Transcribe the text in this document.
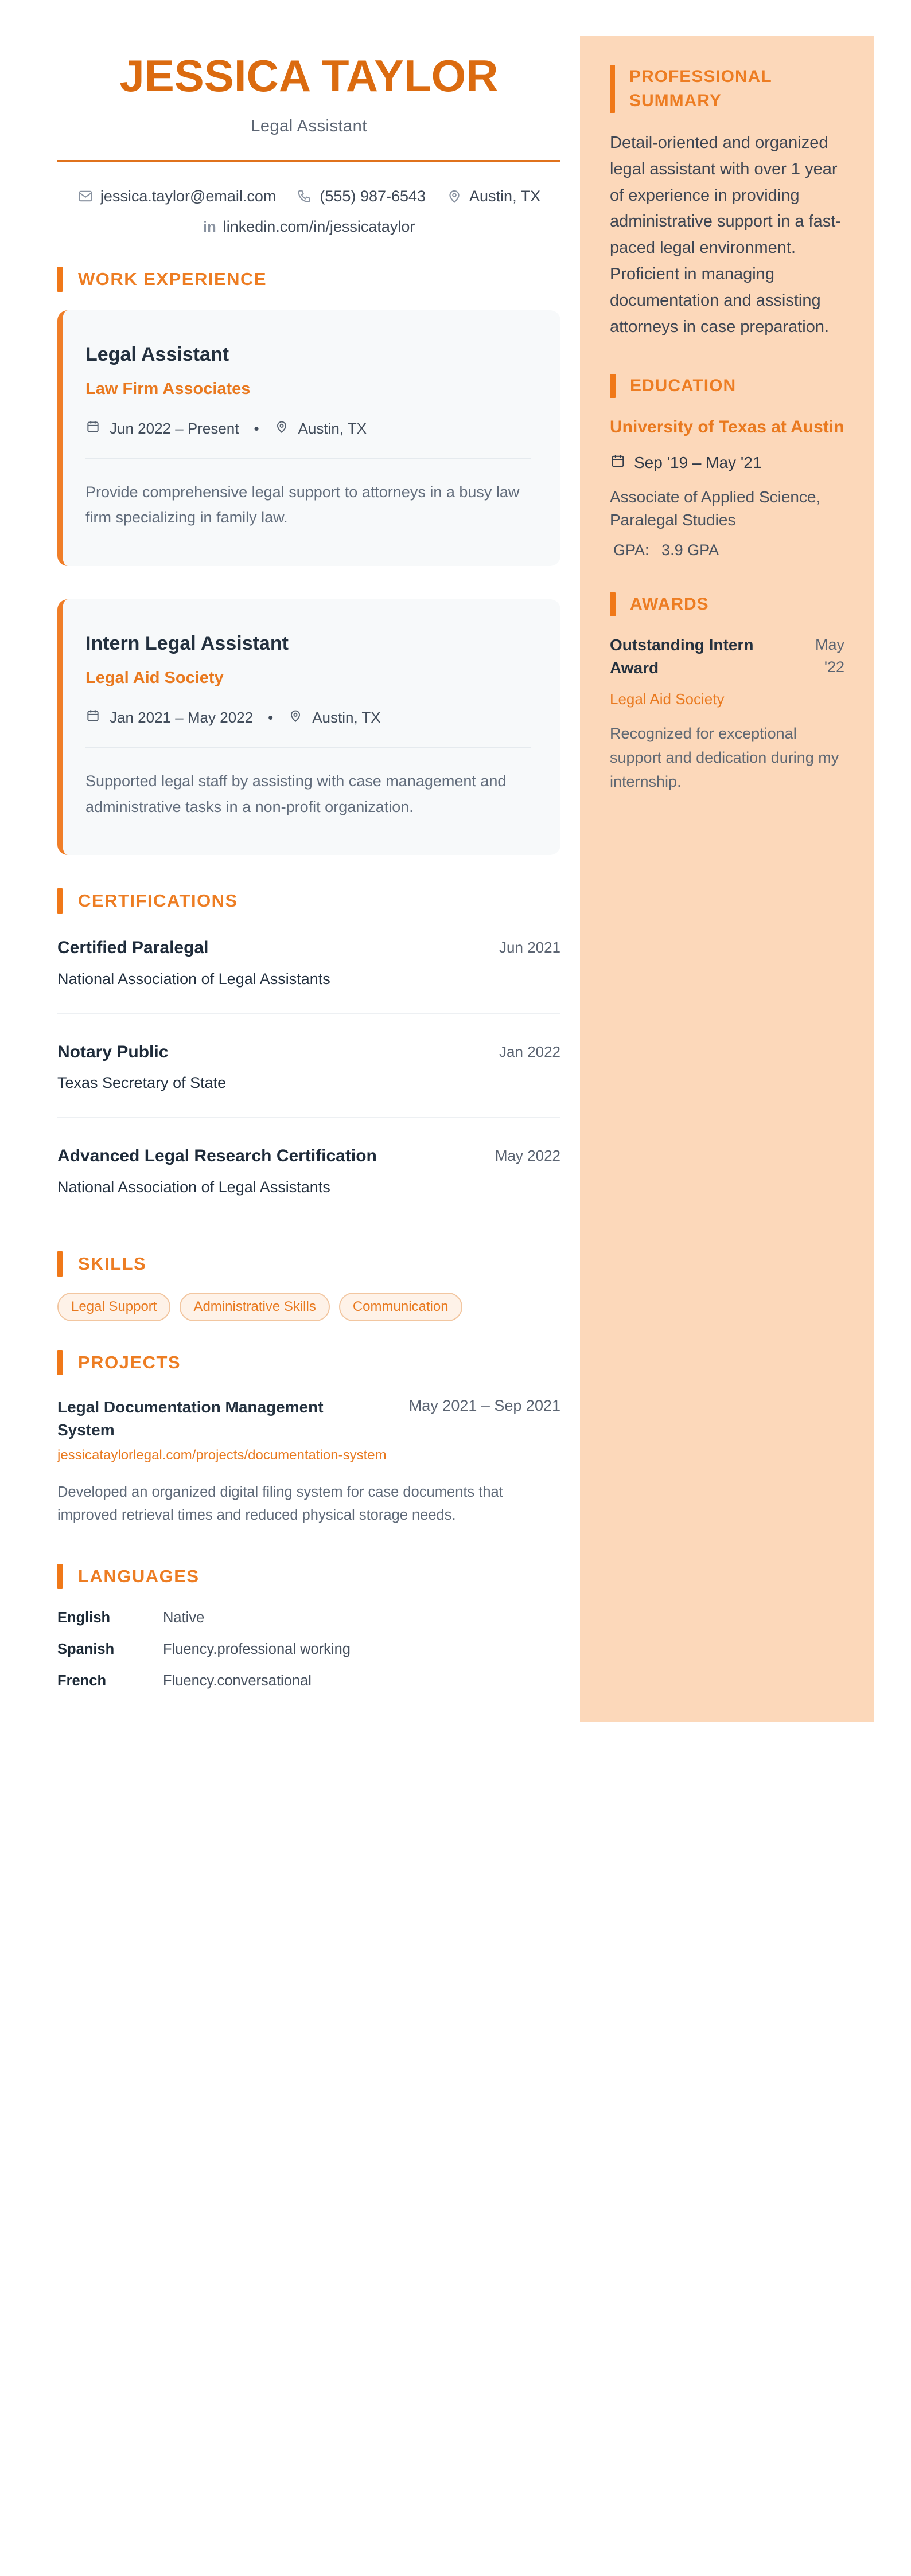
JESSICA TAYLOR
Legal Assistant
jessica.taylor@email.com	(555) 987-6543	Austin, TX
in linkedin.com/in/jessicataylor
WORK EXPERIENCE
Legal Assistant
Law Firm Associates
Jun 2022 – Present •	Austin, TX
Provide comprehensive legal support to attorneys in a busy law firm specializing in family law.
Intern Legal Assistant
Legal Aid Society
Jan 2021 – May 2022 •	Austin, TX
Supported legal staff by assisting with case management and administrative tasks in a non-profit organization.
CERTIFICATIONS
Certified Paralegal
National Association of Legal Assistants
Jun 2021
Notary Public
Texas Secretary of State
Jan 2022
Advanced Legal Research Certification
National Association of Legal Assistants
May 2022
SKILLS
Legal Support	Administrative Skills	Communication
PROJECTS
Legal Documentation Management System
May 2021 – Sep 2021
jessicataylorlegal.com/projects/documentation-system
Developed an organized digital filing system for case documents that improved retrieval times and reduced physical storage needs.
LANGUAGES
English	Native
Spanish	Fluency.professional working
French	Fluency.conversational
PROFESSIONAL SUMMARY
Detail-oriented and organized legal assistant with over 1 year of experience in providing administrative support in a fast-paced legal environment. Proficient in managing documentation and assisting attorneys in case preparation.
EDUCATION
University of Texas at Austin
Sep '19 – May '21
Associate of Applied Science, Paralegal Studies
GPA: 3.9 GPA
AWARDS
Outstanding Intern Award
May '22
Legal Aid Society
Recognized for exceptional support and dedication during my internship.
